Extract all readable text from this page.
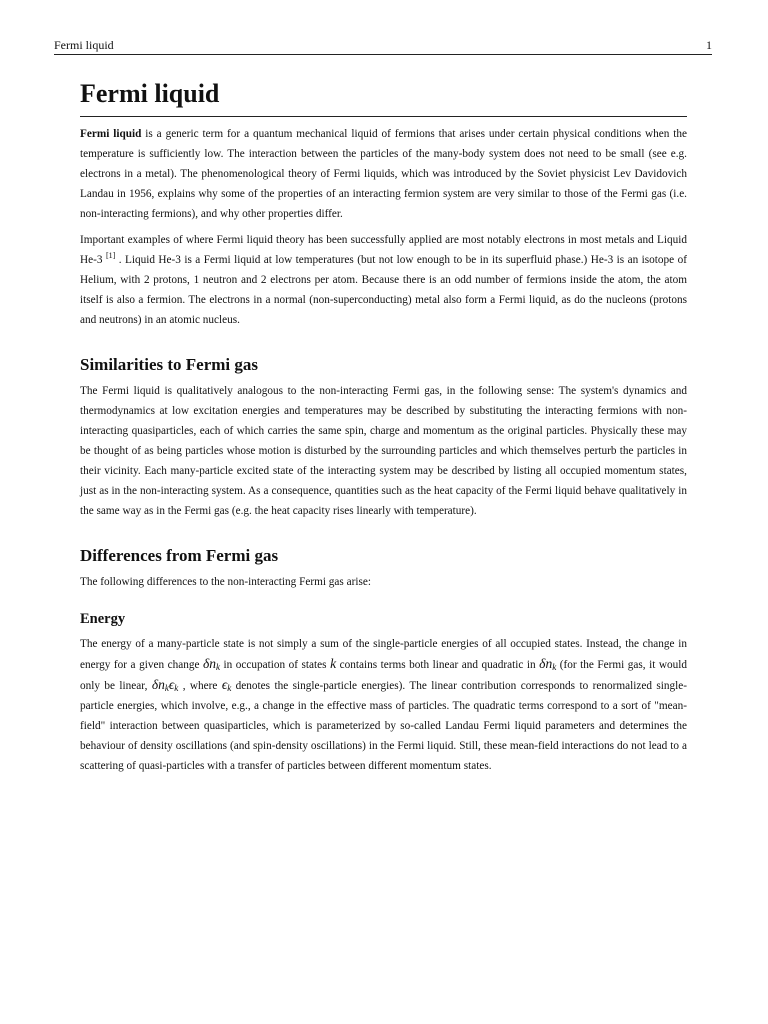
Fermi liquid	1
Fermi liquid

Fermi liquid is a generic term for a quantum mechanical liquid of fermions that arises under certain physical conditions when the temperature is sufficiently low. The interaction between the particles of the many-body system does not need to be small (see e.g. electrons in a metal). The phenomenological theory of Fermi liquids, which was introduced by the Soviet physicist Lev Davidovich Landau in 1956, explains why some of the properties of an interacting fermion system are very similar to those of the Fermi gas (i.e. non-interacting fermions), and why other properties differ.

Important examples of where Fermi liquid theory has been successfully applied are most notably electrons in most metals and Liquid He-3 [1] . Liquid He-3 is a Fermi liquid at low temperatures (but not low enough to be in its superfluid phase.) He-3 is an isotope of Helium, with 2 protons, 1 neutron and 2 electrons per atom. Because there is an odd number of fermions inside the atom, the atom itself is also a fermion. The electrons in a normal (non-superconducting) metal also form a Fermi liquid, as do the nucleons (protons and neutrons) in an atomic nucleus.

Similarities to Fermi gas

The Fermi liquid is qualitatively analogous to the non-interacting Fermi gas, in the following sense: The system's dynamics and thermodynamics at low excitation energies and temperatures may be described by substituting the interacting fermions with non-interacting quasiparticles, each of which carries the same spin, charge and momentum as the original particles. Physically these may be thought of as being particles whose motion is disturbed by the surrounding particles and which themselves perturb the particles in their vicinity. Each many-particle excited state of the interacting system may be described by listing all occupied momentum states, just as in the non-interacting system. As a consequence, quantities such as the heat capacity of the Fermi liquid behave qualitatively in the same way as in the Fermi gas (e.g. the heat capacity rises linearly with temperature).

Differences from Fermi gas

The following differences to the non-interacting Fermi gas arise:

Energy

The energy of a many-particle state is not simply a sum of the single-particle energies of all occupied states. Instead, the change in energy for a given change $\delta n_k$ in occupation of states k contains terms both linear and quadratic in $\delta n_k$ (for the Fermi gas, it would only be linear, $\delta n_k\epsilon_k$ , where $\epsilon_k$ denotes the single-particle energies). The linear contribution corresponds to renormalized single-particle energies, which involve, e.g., a change in the effective mass of particles. The quadratic terms correspond to a sort of "mean-field" interaction between quasiparticles, which is parameterized by so-called Landau Fermi liquid parameters and determines the behaviour of density oscillations (and spin-density oscillations) in the Fermi liquid. Still, these mean-field interactions do not lead to a scattering of quasi-particles with a transfer of particles between different momentum states.
